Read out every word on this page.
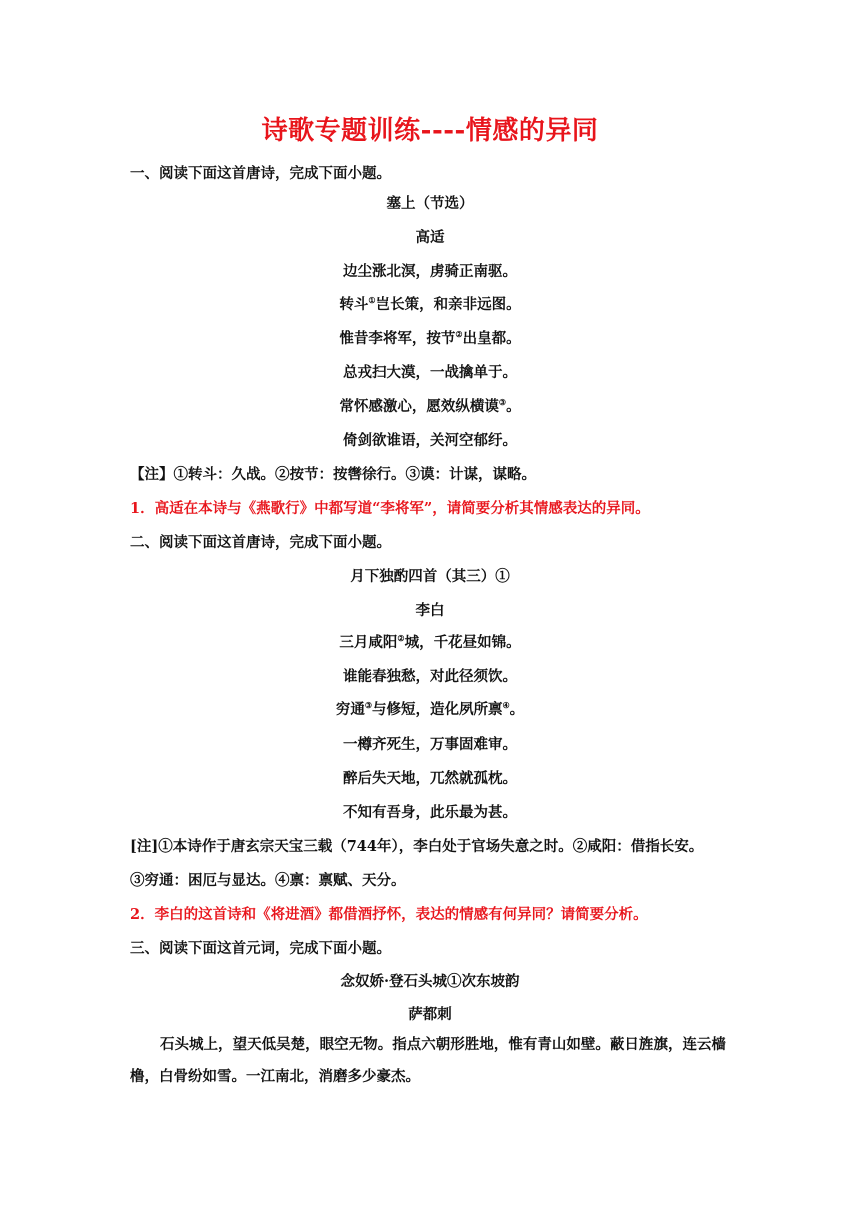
诗歌专题训练----情感的异同
一、阅读下面这首唐诗，完成下面小题。
塞上（节选）
高适
边尘涨北溟，虏骑正南驱。
转斗①岂长策，和亲非远图。
惟昔李将军，按节②出皇都。
总戎扫大漠，一战擒单于。
常怀感激心，愿效纵横谟③。
倚剑欲谁语，关河空郁纡。
【注】①转斗：久战。②按节：按辔徐行。③谟：计谋，谋略。
1．高适在本诗与《燕歌行》中都写道“李将军”，请简要分析其情感表达的异同。
二、阅读下面这首唐诗，完成下面小题。
月下独酌四首（其三）①
李白
三月咸阳②城，千花昼如锦。
谁能春独愁，对此径须饮。
穷通③与修短，造化夙所禀④。
一樽齐死生，万事固难审。
醉后失天地，兀然就孤枕。
不知有吾身，此乐最为甚。
[注]①本诗作于唐玄宗天宝三载（744年），李白处于官场失意之时。②咸阳：借指长安。
③穷通：困厄与显达。④禀：禀赋、天分。
2．李白的这首诗和《将进酒》都借酒抒怀，表达的情感有何异同？请简要分析。
三、阅读下面这首元词，完成下面小题。
念奴娇·登石头城①次东坡韵
萨都刺
石头城上，望天低吴楚，眼空无物。指点六朝形胜地，惟有青山如壁。蔽日旌旗，连云樯橹，白骨纷如雪。一江南北，消磨多少豪杰。
